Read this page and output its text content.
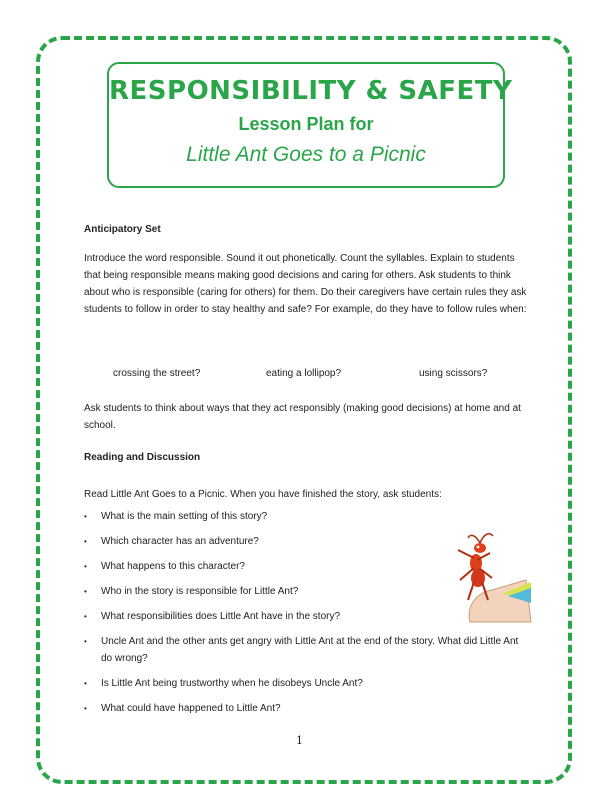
RESPONSIBILITY & SAFETY
Lesson Plan for
Little Ant Goes to a Picnic
Anticipatory Set
Introduce the word responsible. Sound it out phonetically. Count the syllables. Explain to students that being responsible means making good decisions and caring for others. Ask students to think about who is responsible (caring for others) for them. Do their caregivers have certain rules they ask students to follow in order to stay healthy and safe? For example, do they have to follow rules when:
crossing the street?	eating a lollipop?	using scissors?
Ask students to think about ways that they act responsibly (making good decisions) at home and at school.
Reading and Discussion
Read Little Ant Goes to a Picnic. When you have finished the story, ask students:
• What is the main setting of this story?
• Which character has an adventure?
• What happens to this character?
• Who in the story is responsible for Little Ant?
• What responsibilities does Little Ant have in the story?
• Uncle Ant and the other ants get angry with Little Ant at the end of the story. What did Little Ant do wrong?
• Is Little Ant being trustworthy when he disobeys Uncle Ant?
• What could have happened to Little Ant?
1
